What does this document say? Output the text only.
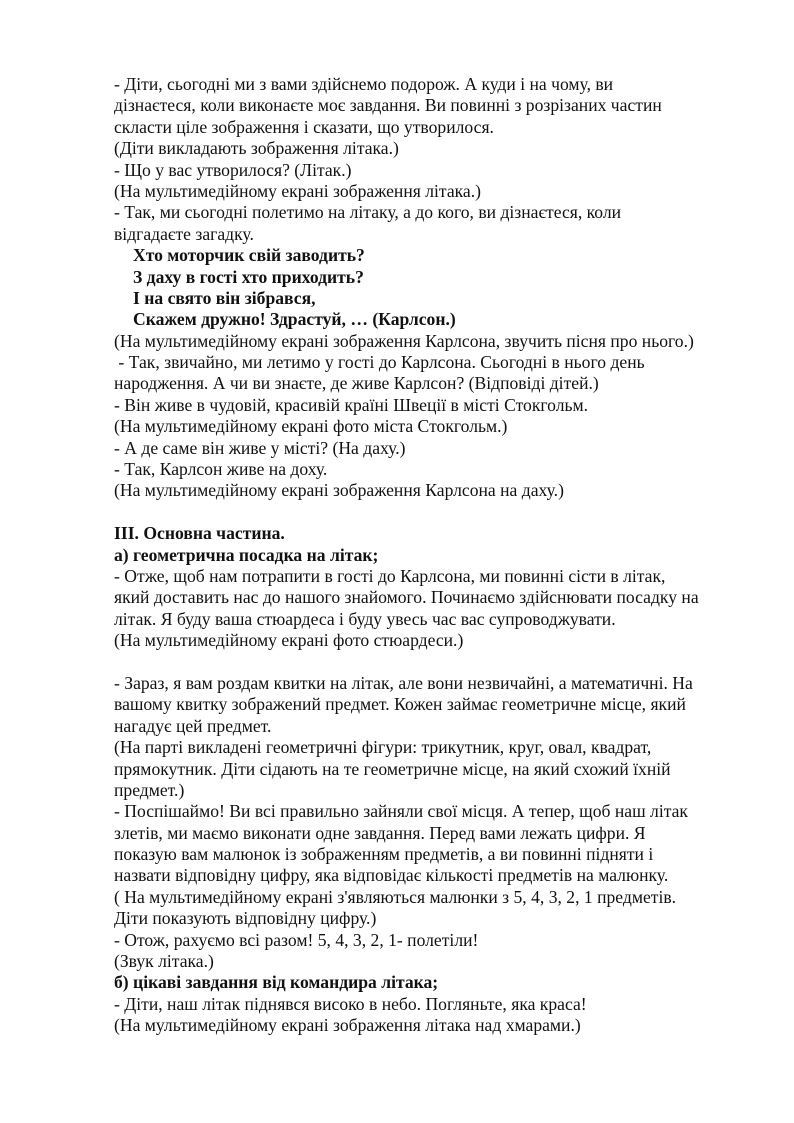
- Діти, сьогодні ми з вами здійснемо подорож. А куди і на чому, ви
дізнаєтеся, коли виконаєте моє завдання. Ви повинні з розрізаних частин
скласти ціле зображення і сказати, що утворилося.
(Діти викладають зображення літака.)
- Що у вас утворилося? (Літак.)
(На мультимедійному екрані зображення літака.)
- Так, ми сьогодні полетимо на літаку, а до кого, ви дізнаєтеся, коли
відгадаєте загадку.
Хто моторчик свій заводить?
З даху в гості хто приходить?
І на свято він зібрався,
Скажем дружно! Здрастуй, … (Карлсон.)
(На мультимедійному екрані зображення Карлсона, звучить пісня про нього.)
- Так, звичайно, ми летимо у гості до Карлсона. Сьогодні в нього день
народження. А чи ви знаєте, де живе Карлсон? (Відповіді дітей.)
- Він живе в чудовій, красивій країні Швеції в місті Стокгольм.
(На мультимедійному екрані фото міста Стокгольм.)
- А де саме він живе у місті? (На даху.)
- Так, Карлсон живе на доху.
(На мультимедійному екрані зображення Карлсона на даху.)
ІІІ. Основна частина.
а) геометрична посадка на літак;
- Отже, щоб нам потрапити в гості до Карлсона, ми повинні сісти в літак,
який доставить нас до нашого знайомого. Починаємо здійснювати посадку на
літак. Я буду ваша стюардеса і буду увесь час вас супроводжувати.
(На мультимедійному екрані фото стюардеси.)
- Зараз, я вам роздам квитки на літак, але вони незвичайні, а математичні. На
вашому квитку зображений предмет. Кожен займає геометричне місце, який
нагадує цей предмет.
(На парті викладені геометричні фігури: трикутник, круг, овал, квадрат,
прямокутник. Діти сідають на те геометричне місце, на який схожий їхній
предмет.)
- Поспішаймо! Ви всі правильно зайняли свої місця. А тепер, щоб наш літак
злетів, ми маємо виконати одне завдання. Перед вами лежать цифри. Я
показую вам малюнок із зображенням предметів, а ви повинні підняти і
назвати відповідну цифру, яка відповідає кількості предметів на малюнку.
( На мультимедійному екрані з'являються малюнки з 5, 4, 3, 2, 1 предметів.
Діти показують відповідну цифру.)
- Отож, рахуємо всі разом! 5, 4, 3, 2, 1- полетіли!
(Звук літака.)
б) цікаві завдання від командира літака;
- Діти, наш літак піднявся високо в небо. Погляньте, яка краса!
(На мультимедійному екрані зображення літака над хмарами.)
